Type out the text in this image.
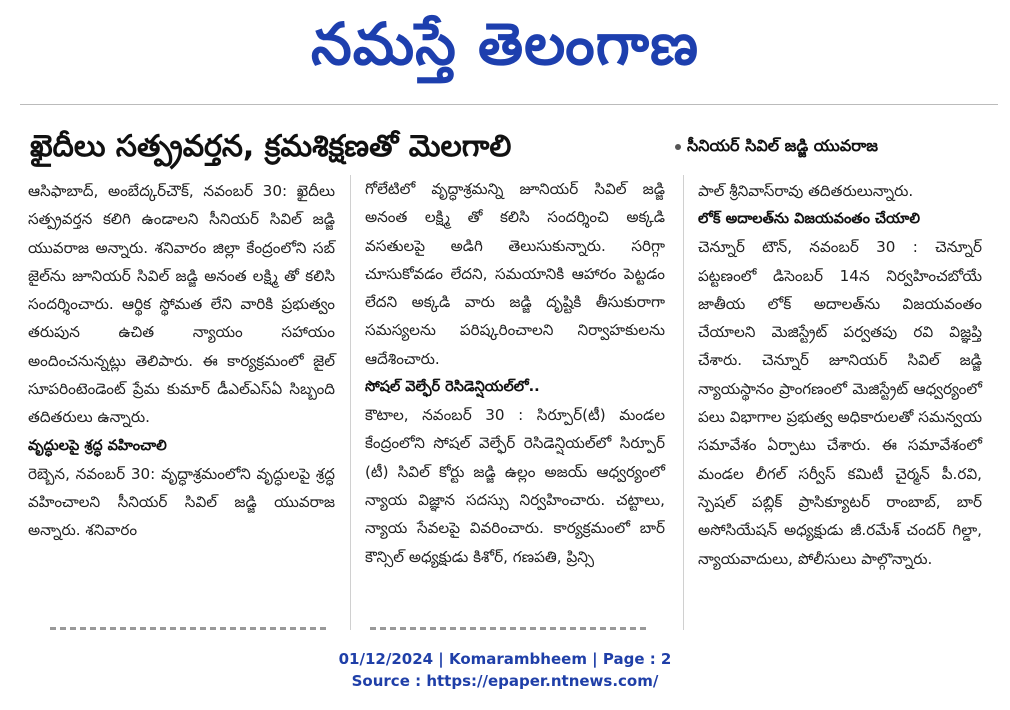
నమస్తే తెలంగాణ
ఖైదీలు సత్ప్రవర్తన, క్రమశిక్షణతో మెలగాలి	సీనియర్ సివిల్ జడ్జి యువరాజ

ఆసిఫాబాద్, అంబేద్కర్‌చౌక్, నవంబర్ 30: ఖైదీలు సత్ప్రవర్తన కలిగి ఉండాలని సీనియర్ సివిల్ జడ్జి యువరాజ అన్నారు. శనివారం జిల్లా కేంద్రంలోని సబ్ జైల్‌ను జూనియర్ సివిల్ జడ్జి అనంత లక్ష్మి తో కలిసి సందర్శించారు. ఆర్థిక స్థోమత లేని వారికి ప్రభుత్వం తరుపున ఉచిత న్యాయం సహాయం అందించనున్నట్లు తెలిపారు. ఈ కార్యక్రమంలో జైల్ సూపరింటెండెంట్ ప్రేమ కుమార్ డీఎల్ఎస్ఏ సిబ్బంది తదితరులు ఉన్నారు.

వృద్ధులపై శ్రద్ధ వహించాలి

రెబ్బెన, నవంబర్ 30: వృద్ధాశ్రమంలోని వృద్ధులపై శ్రద్ధ వహించాలని సీనియర్ సివిల్ జడ్జి యువరాజ అన్నారు. శనివారం

గోలేటిలో వృద్ధాశ్రమన్ని జూనియర్ సివిల్ జడ్జి అనంత లక్ష్మి తో కలిసి సందర్శించి అక్కడి వసతులపై అడిగి తెలుసుకున్నారు. సరిగ్గా చూసుకోవడం లేదని, సమయానికి ఆహారం పెట్టడం లేదని అక్కడి వారు జడ్జి దృష్టికి తీసుకురాగా సమస్యలను పరిష్కరించాలని నిర్వాహకులను ఆదేశించారు.

సోషల్ వెల్ఫేర్ రెసిడెన్షియల్‌లో..

కౌటాల, నవంబర్ 30 : సిర్పూర్(టీ) మండల కేంద్రంలోని సోషల్ వెల్ఫేర్ రెసిడెన్షియల్‌లో సిర్పూర్ (టీ) సివిల్ కోర్టు జడ్జి ఉల్లం అజయ్ ఆధ్వర్యంలో న్యాయ విజ్ఞాన సదస్సు నిర్వహించారు. చట్టాలు, న్యాయ సేవలపై వివరించారు. కార్యక్రమంలో బార్ కౌన్సిల్ అధ్యక్షుడు కిశోర్, గణపతి, ప్రిన్సి

పాల్ శ్రీనివాస్‌రావు తదితరులున్నారు.

లోక్ అదాలత్‌ను విజయవంతం చేయాలి

చెన్నూర్ టౌన్, నవంబర్ 30 : చెన్నూర్ పట్టణంలో డిసెంబర్ 14న నిర్వహించబోయే జాతీయ లోక్ అదాలత్‌ను విజయవంతం చేయాలని మెజిస్ట్రేట్ పర్వతపు రవి విజ్ఞప్తి చేశారు. చెన్నూర్ జూనియర్ సివిల్ జడ్జి న్యాయస్థానం ప్రాంగణంలో మెజిస్ట్రేట్ ఆధ్వర్యంలో పలు విభాగాల ప్రభుత్వ అధికారులతో సమన్వయ సమావేశం ఏర్పాటు చేశారు. ఈ సమావేశంలో మండల లీగల్ సర్వీస్ కమిటీ చైర్మన్ పీ.రవి, స్పెషల్ పబ్లిక్ ప్రాసిక్యూటర్ రాంబాబ్, బార్ అసోసియేషన్ అధ్యక్షుడు జీ.రమేశ్ చందర్ గిల్డా, న్యాయవాదులు, పోలీసులు పాల్గొన్నారు.

01/12/2024 | Komarambheem | Page : 2
Source : https://epaper.ntnews.com/
